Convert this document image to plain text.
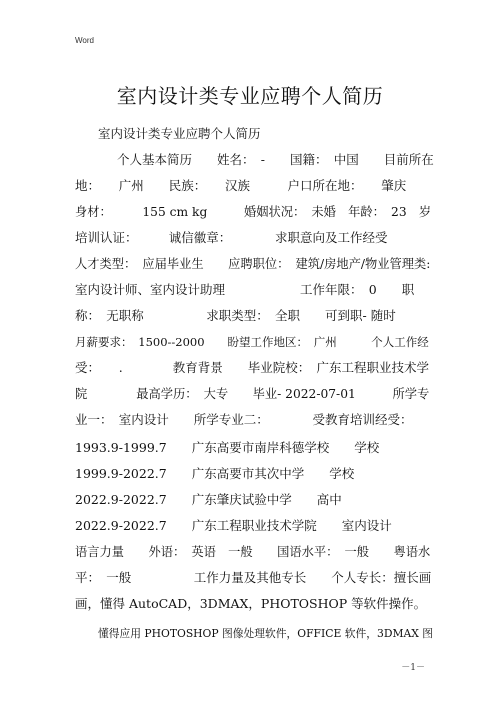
Word
室内设计类专业应聘个人简历
室内设计类专业应聘个人简历
个人基本简历　　姓名：　-　　国籍：　中国　　目前所在
地：　　广州　　民族：　　汉族　　　户口所在地：　　肇庆
身材：　　　155 cm kg　　　婚姻状况：　未婚　年龄：　23　岁
培训认证：　　　诚信徽章：　　　　求职意向及工作经受
人才类型：　应届毕业生　　应聘职位：　建筑/房地产/物业管理类:
室内设计师、室内设计助理　　　　　　工作年限：　0　　职
称：　无职称　　　　　求职类型：　全职　　可到职- 随时
月薪要求：　1500--2000　　盼望工作地区：　广州　　　个人工作经
受：　　.　　　　教育背景　　毕业院校：　广东工程职业技术学
院　　　　最高学历：　大专　　毕业- 2022-07-01　　　所学专
业一：　室内设计　　所学专业二：　　　　受教育培训经受：
1993.9-1999.7　　广东高要市南岸科德学校　　学校
1999.9-2022.7　　广东高要市其次中学　　学校
2022.9-2022.7　　广东肇庆试验中学　　高中
2022.9-2022.7　　广东工程职业技术学院　　室内设计
语言力量　　外语：　英语　一般　　国语水平：　一般　　粤语水
平：　一般　　　　　工作力量及其他专长　　个人专长：擅长画
画，懂得 AutoCAD，3DMAX，PHOTOSHOP 等软件操作。
懂得应用 PHOTOSHOP 图像处理软件，OFFICE 软件，3DMAX 图
－1－
